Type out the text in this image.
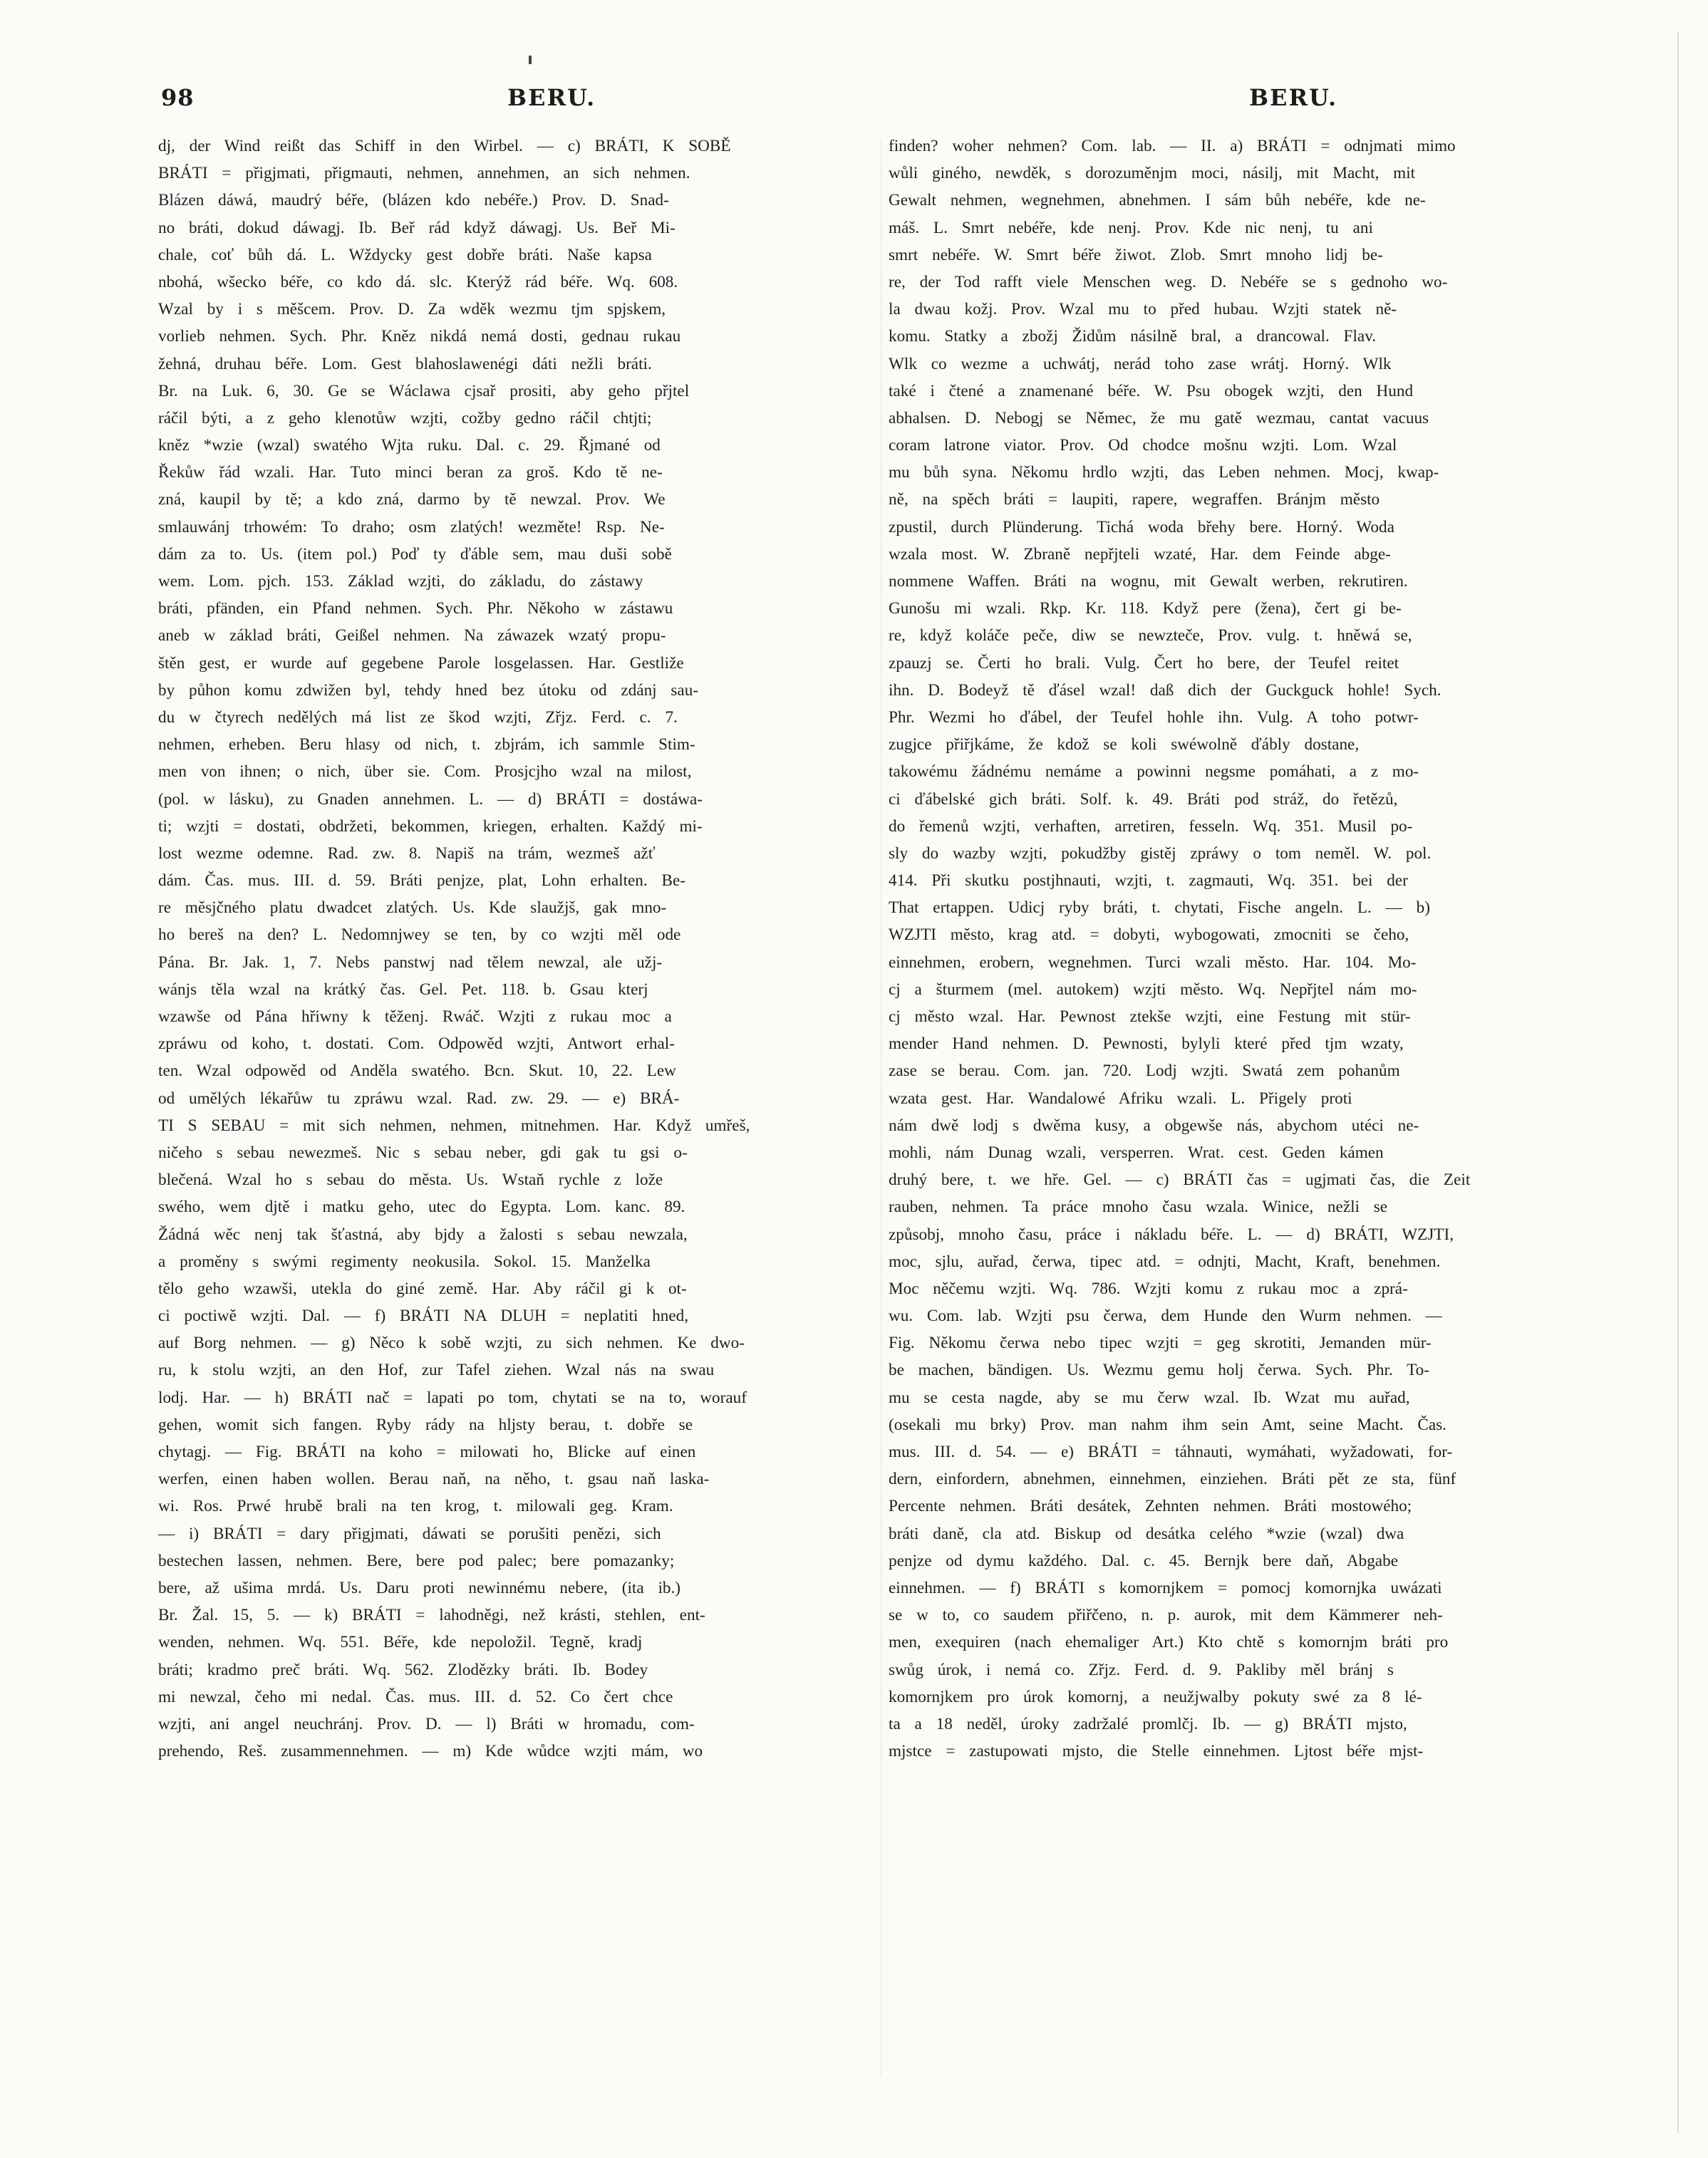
98	BERU.	BERU.
dj, der Wind reißt das Schiff in den Wirbel. — c) BRÁTI, K SOBĚ
BRÁTI = přigjmati, přigmauti, nehmen, annehmen, an sich nehmen.
Blázen dáwá, maudrý béře, (blázen kdo nebéře.) Prov. D. Snad-
no bráti, dokud dáwagj. Ib. Beř rád když dáwagj. Us. Beř Mi-
chale, coť bůh dá. L. Wždycky gest dobře bráti. Naše kapsa
nbohá, wšecko béře, co kdo dá. slc. Kterýž rád béře. Wq. 608.
Wzal by i s měšcem. Prov. D. Za wděk wezmu tjm spjskem,
vorlieb nehmen. Sych. Phr. Kněz nikdá nemá dosti, gednau rukau
žehná, druhau béře. Lom. Gest blahoslawenégi dáti nežli bráti.
Br. na Luk. 6, 30. Ge se Wáclawa cjsař prositi, aby geho přjtel
ráčil býti, a z geho klenotůw wzjti, cožby gedno ráčil chtjti;
kněz *wzie (wzal) swatého Wjta ruku. Dal. c. 29. Řjmané od
Řekůw řád wzali. Har. Tuto minci beran za groš. Kdo tě ne-
zná, kaupil by tě; a kdo zná, darmo by tě newzal. Prov. We
smlauwánj trhowém: To draho; osm zlatých! wezměte! Rsp. Ne-
dám za to. Us. (item pol.) Poď ty ďáble sem, mau duši sobě
wem. Lom. pjch. 153. Základ wzjti, do základu, do zástawy
bráti, pfänden, ein Pfand nehmen. Sych. Phr. Někoho w zástawu
aneb w základ bráti, Geißel nehmen. Na záwazek wzatý propu-
štěn gest, er wurde auf gegebene Parole losgelassen. Har. Gestliže
by půhon komu zdwižen byl, tehdy hned bez útoku od zdánj sau-
du w čtyrech nedělých má list ze škod wzjti, Zřjz. Ferd. c. 7.
nehmen, erheben. Beru hlasy od nich, t. zbjrám, ich sammle Stim-
men von ihnen; o nich, über sie. Com. Prosjcjho wzal na milost,
(pol. w lásku), zu Gnaden annehmen. L. — d) BRÁTI = dostáwa-
ti; wzjti = dostati, obdržeti, bekommen, kriegen, erhalten. Každý mi-
lost wezme odemne. Rad. zw. 8. Napiš na trám, wezmeš ažť
dám. Čas. mus. III. d. 59. Bráti penjze, plat, Lohn erhalten. Be-
re měsjčného platu dwadcet zlatých. Us. Kde slaužjš, gak mno-
ho bereš na den? L. Nedomnjwey se ten, by co wzjti měl ode
Pána. Br. Jak. 1, 7. Nebs panstwj nad tělem newzal, ale užj-
wánjs těla wzal na krátký čas. Gel. Pet. 118. b. Gsau kterj
wzawše od Pána hřiwny k těženj. Rwáč. Wzjti z rukau moc a
zpráwu od koho, t. dostati. Com. Odpowěd wzjti, Antwort erhal-
ten. Wzal odpowěd od Anděla swatého. Bcn. Skut. 10, 22. Lew
od umělých lékařůw tu zpráwu wzal. Rad. zw. 29. — e) BRÁ-
TI S SEBAU = mit sich nehmen, nehmen, mitnehmen. Har. Když umřeš,
ničeho s sebau newezmeš. Nic s sebau neber, gdi gak tu gsi o-
blečená. Wzal ho s sebau do města. Us. Wstaň rychle z lože
swého, wem djtě i matku geho, utec do Egypta. Lom. kanc. 89.
Žádná wěc nenj tak šťastná, aby bjdy a žalosti s sebau newzala,
a proměny s swými regimenty neokusila. Sokol. 15. Manželka
tělo geho wzawši, utekla do giné země. Har. Aby ráčil gi k ot-
ci poctiwě wzjti. Dal. — f) BRÁTI NA DLUH = neplatiti hned,
auf Borg nehmen. — g) Něco k sobě wzjti, zu sich nehmen. Ke dwo-
ru, k stolu wzjti, an den Hof, zur Tafel ziehen. Wzal nás na swau
lodj. Har. — h) BRÁTI nač = lapati po tom, chytati se na to, worauf
gehen, womit sich fangen. Ryby rády na hljsty berau, t. dobře se
chytagj. — Fig. BRÁTI na koho = milowati ho, Blicke auf einen
werfen, einen haben wollen. Berau naň, na něho, t. gsau naň laska-
wi. Ros. Prwé hrubě brali na ten krog, t. milowali geg. Kram.
— i) BRÁTI = dary přigjmati, dáwati se porušiti penězi, sich
bestechen lassen, nehmen. Bere, bere pod palec; bere pomazanky;
bere, až ušima mrdá. Us. Daru proti newinnému nebere, (ita ib.)
Br. Žal. 15, 5. — k) BRÁTI = lahodněgi, než krásti, stehlen, ent-
wenden, nehmen. Wq. 551. Béře, kde nepoložil. Tegně, kradj
bráti; kradmo preč bráti. Wq. 562. Zlodězky bráti. Ib. Bodey
mi newzal, čeho mi nedal. Čas. mus. III. d. 52. Co čert chce
wzjti, ani angel neuchránj. Prov. D. — l) Bráti w hromadu, com-
prehendo, Reš. zusammennehmen. — m) Kde wůdce wzjti mám, wo
finden? woher nehmen? Com. lab. — II. a) BRÁTI = odnjmati mimo
wůli giného, newděk, s dorozuměnjm moci, násilj, mit Macht, mit
Gewalt nehmen, wegnehmen, abnehmen. I sám bůh nebéře, kde ne-
máš. L. Smrt nebéře, kde nenj. Prov. Kde nic nenj, tu ani
smrt nebéře. W. Smrt béře žiwot. Zlob. Smrt mnoho lidj be-
re, der Tod rafft viele Menschen weg. D. Nebéře se s gednoho wo-
la dwau kožj. Prov. Wzal mu to před hubau. Wzjti statek ně-
komu. Statky a zbožj Židům násilně bral, a drancowal. Flav.
Wlk co wezme a uchwátj, nerád toho zase wrátj. Horný. Wlk
také i čtené a znamenané béře. W. Psu obogek wzjti, den Hund
abhalsen. D. Nebogj se Němec, že mu gatě wezmau, cantat vacuus
coram latrone viator. Prov. Od chodce mošnu wzjti. Lom. Wzal
mu bůh syna. Někomu hrdlo wzjti, das Leben nehmen. Mocj, kwap-
ně, na spěch bráti = laupiti, rapere, wegraffen. Bránjm město
zpustil, durch Plünderung. Tichá woda břehy bere. Horný. Woda
wzala most. W. Zbraně nepřjteli wzaté, Har. dem Feinde abge-
nommene Waffen. Bráti na wognu, mit Gewalt werben, rekrutiren.
Gunošu mi wzali. Rkp. Kr. 118. Když pere (žena), čert gi be-
re, když koláče peče, diw se newzteče, Prov. vulg. t. hněwá se,
zpauzj se. Čerti ho brali. Vulg. Čert ho bere, der Teufel reitet
ihn. D. Bodeyž tě ďásel wzal! daß dich der Guckguck hohle! Sych.
Phr. Wezmi ho ďábel, der Teufel hohle ihn. Vulg. A toho potwr-
zugjce přiřjkáme, že kdož se koli swéwolně ďábly dostane,
takowému žádnému nemáme a powinni negsme pomáhati, a z mo-
ci ďábelské gich bráti. Solf. k. 49. Bráti pod stráž, do řetězů,
do řemenů wzjti, verhaften, arretiren, fesseln. Wq. 351. Musil po-
sly do wazby wzjti, pokudžby gistěj zpráwy o tom neměl. W. pol.
414. Při skutku postjhnauti, wzjti, t. zagmauti, Wq. 351. bei der
That ertappen. Udicj ryby bráti, t. chytati, Fische angeln. L. — b)
WZJTI město, krag atd. = dobyti, wybogowati, zmocniti se čeho,
einnehmen, erobern, wegnehmen. Turci wzali město. Har. 104. Mo-
cj a šturmem (mel. autokem) wzjti město. Wq. Nepřjtel nám mo-
cj město wzal. Har. Pewnost ztekše wzjti, eine Festung mit stür-
mender Hand nehmen. D. Pewnosti, bylyli které před tjm wzaty,
zase se berau. Com. jan. 720. Lodj wzjti. Swatá zem pohanům
wzata gest. Har. Wandalowé Afriku wzali. L. Přigely proti
nám dwě lodj s dwěma kusy, a obgewše nás, abychom utéci ne-
mohli, nám Dunag wzali, versperren. Wrat. cest. Geden kámen
druhý bere, t. we hře. Gel. — c) BRÁTI čas = ugjmati čas, die Zeit
rauben, nehmen. Ta práce mnoho času wzala. Winice, nežli se
způsobj, mnoho času, práce i nákladu béře. L. — d) BRÁTI, WZJTI,
moc, sjlu, auřad, čerwa, tipec atd. = odnjti, Macht, Kraft, benehmen.
Moc něčemu wzjti. Wq. 786. Wzjti komu z rukau moc a zprá-
wu. Com. lab. Wzjti psu čerwa, dem Hunde den Wurm nehmen. —
Fig. Někomu čerwa nebo tipec wzjti = geg skrotiti, Jemanden mür-
be machen, bändigen. Us. Wezmu gemu holj čerwa. Sych. Phr. To-
mu se cesta nagde, aby se mu čerw wzal. Ib. Wzat mu auřad,
(osekali mu brky) Prov. man nahm ihm sein Amt, seine Macht. Čas.
mus. III. d. 54. — e) BRÁTI = táhnauti, wymáhati, wyžadowati, for-
dern, einfordern, abnehmen, einnehmen, einziehen. Bráti pět ze sta, fünf
Percente nehmen. Bráti desátek, Zehnten nehmen. Bráti mostowého;
bráti daně, cla atd. Biskup od desátka celého *wzie (wzal) dwa
penjze od dymu každého. Dal. c. 45. Bernjk bere daň, Abgabe
einnehmen. — f) BRÁTI s komornjkem = pomocj komornjka uwázati
se w to, co saudem přiřčeno, n. p. aurok, mit dem Kämmerer neh-
men, exequiren (nach ehemaliger Art.) Kto chtě s komornjm bráti pro
swůg úrok, i nemá co. Zřjz. Ferd. d. 9. Pakliby měl bránj s
komornjkem pro úrok komornj, a neužjwalby pokuty swé za 8 lé-
ta a 18 neděl, úroky zadržalé promlčj. Ib. — g) BRÁTI mjsto,
mjstce = zastupowati mjsto, die Stelle einnehmen. Ljtost béře mjst-
